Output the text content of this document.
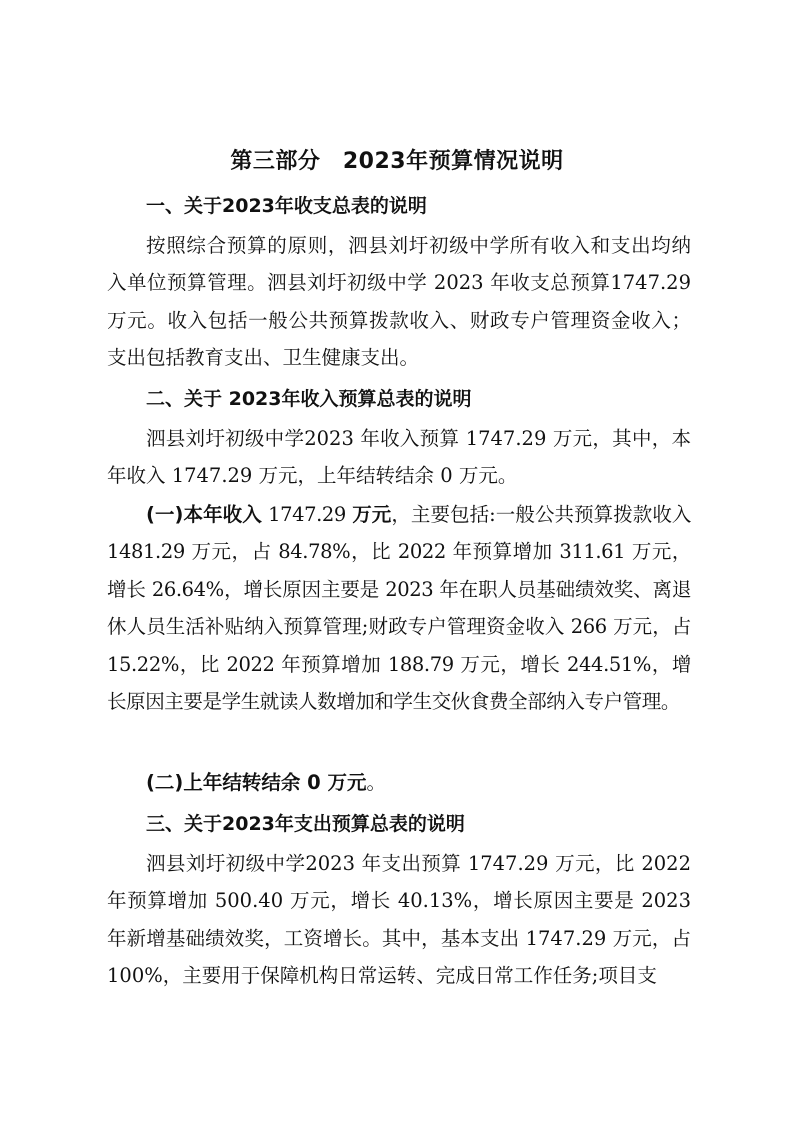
第三部分　2023年预算情况说明
一、关于2023年收支总表的说明

按照综合预算的原则，泗县刘圩初级中学所有收入和支出均纳入单位预算管理。泗县刘圩初级中学 2023 年收支总预算1747.29 万元。收入包括一般公共预算拨款收入、财政专户管理资金收入；支出包括教育支出、卫生健康支出。

二、关于 2023年收入预算总表的说明

泗县刘圩初级中学2023 年收入预算 1747.29 万元，其中，本年收入 1747.29 万元，上年结转结余 0 万元。

(一)本年收入 1747.29 万元，主要包括:一般公共预算拨款收入 1481.29 万元，占 84.78%，比 2022 年预算增加 311.61 万元，增长 26.64%，增长原因主要是 2023 年在职人员基础绩效奖、离退休人员生活补贴纳入预算管理;财政专户管理资金收入 266 万元，占 15.22%，比 2022 年预算增加 188.79 万元，增长 244.51%，增长原因主要是学生就读人数增加和学生交伙食费全部纳入专户管理。

(二)上年结转结余 0 万元。

三、关于2023年支出预算总表的说明

泗县刘圩初级中学2023 年支出预算 1747.29 万元，比 2022 年预算增加 500.40 万元，增长 40.13%，增长原因主要是 2023 年新增基础绩效奖，工资增长。其中，基本支出 1747.29 万元，占 100%，主要用于保障机构日常运转、完成日常工作任务;项目支
